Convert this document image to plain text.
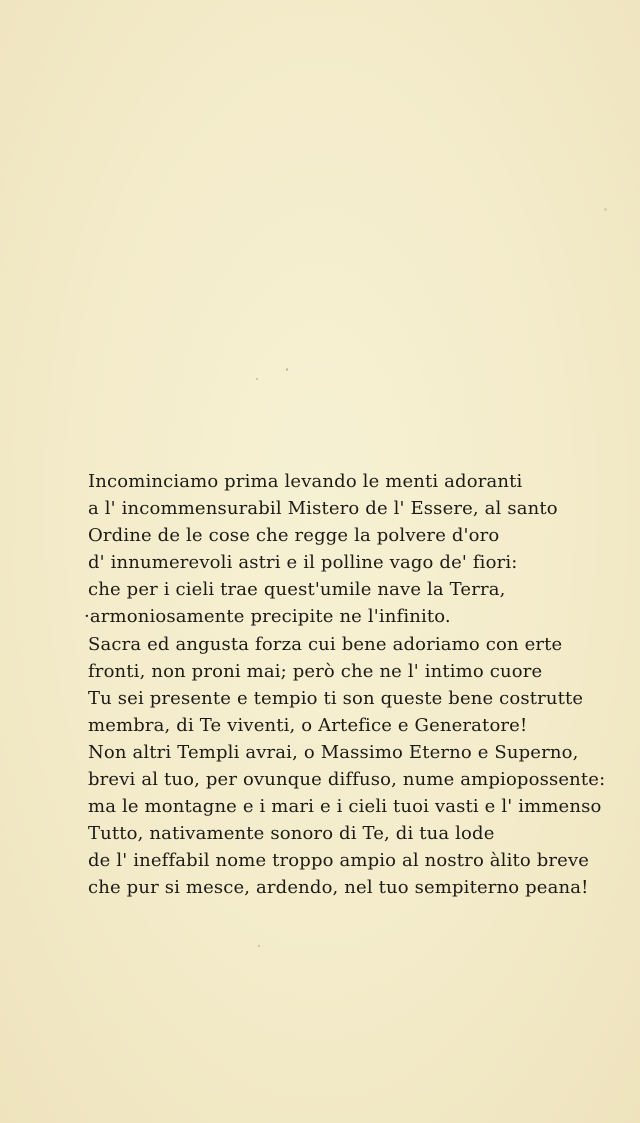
Incominciamo prima levando le menti adoranti
a l' incommensurabil Mistero de l' Essere, al santo
Ordine de le cose che regge la polvere d'oro
d' innumerevoli astri e il polline vago de' fiori:
che per i cieli trae quest'umile nave la Terra,
·armoniosamente precipite ne l'infinito.
Sacra ed angusta forza cui bene adoriamo con erte
fronti, non proni mai; però che ne l' intimo cuore
Tu sei presente e tempio ti son queste bene costrutte
membra, di Te viventi, o Artefice e Generatore!
Non altri Templi avrai, o Massimo Eterno e Superno,
brevi al tuo, per ovunque diffuso, nume ampiopossente:
ma le montagne e i mari e i cieli tuoi vasti e l' immenso
Tutto, nativamente sonoro di Te, di tua lode
de l' ineffabil nome troppo ampio al nostro àlito breve
che pur si mesce, ardendo, nel tuo sempiterno peana!
